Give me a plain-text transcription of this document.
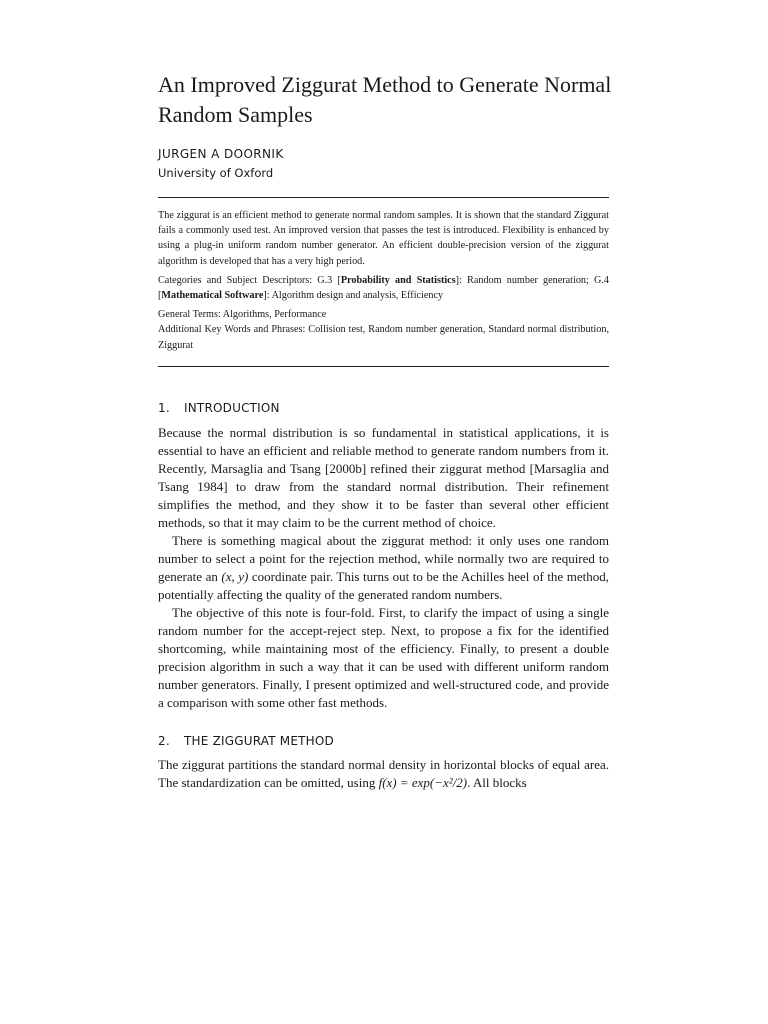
An Improved Ziggurat Method to Generate Normal Random Samples
JURGEN A DOORNIK
University of Oxford

The ziggurat is an efficient method to generate normal random samples. It is shown that the standard Ziggurat fails a commonly used test. An improved version that passes the test is introduced. Flexibility is enhanced by using a plug-in uniform random number generator. An efficient double-precision version of the ziggurat algorithm is developed that has a very high period.

Categories and Subject Descriptors: G.3 [Probability and Statistics]: Random number generation; G.4 [Mathematical Software]: Algorithm design and analysis, Efficiency

General Terms: Algorithms, Performance

Additional Key Words and Phrases: Collision test, Random number generation, Standard normal distribution, Ziggurat

1. INTRODUCTION

Because the normal distribution is so fundamental in statistical applications, it is essential to have an efficient and reliable method to generate random numbers from it. Recently, Marsaglia and Tsang [2000b] refined their ziggurat method [Marsaglia and Tsang 1984] to draw from the standard normal distribution. Their refinement simplifies the method, and they show it to be faster than several other efficient methods, so that it may claim to be the current method of choice.

There is something magical about the ziggurat method: it only uses one random number to select a point for the rejection method, while normally two are required to generate an (x, y) coordinate pair. This turns out to be the Achilles heel of the method, potentially affecting the quality of the generated random numbers.

The objective of this note is four-fold. First, to clarify the impact of using a single random number for the accept-reject step. Next, to propose a fix for the identified shortcoming, while maintaining most of the efficiency. Finally, to present a double precision algorithm in such a way that it can be used with different uniform random number generators. Finally, I present optimized and well-structured code, and provide a comparison with some other fast methods.

2. THE ZIGGURAT METHOD

The ziggurat partitions the standard normal density in horizontal blocks of equal area. The standardization can be omitted, using f(x) = exp(−x²/2). All blocks
